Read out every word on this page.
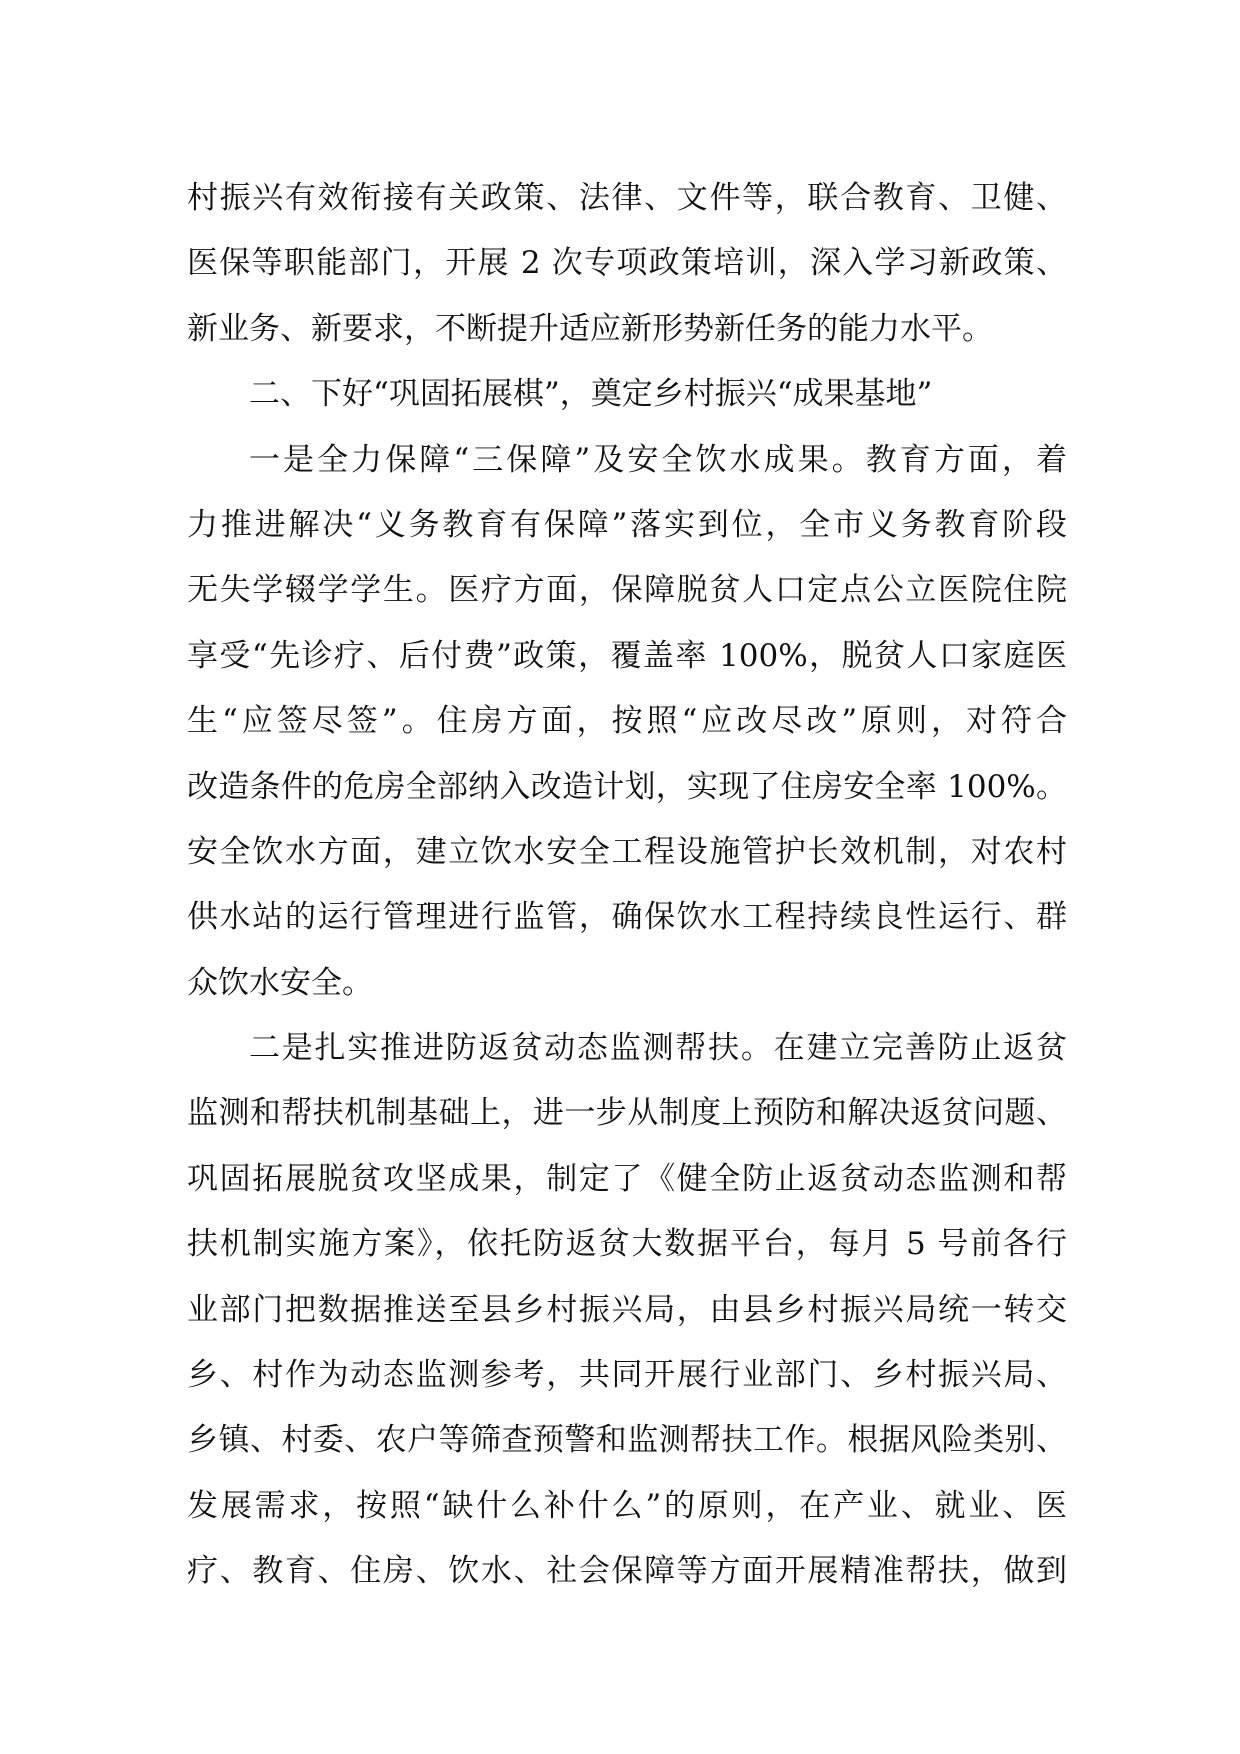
村振兴有效衔接有关政策、法律、文件等，联合教育、卫健、
医保等职能部门，开展 2 次专项政策培训，深入学习新政策、
新业务、新要求，不断提升适应新形势新任务的能力水平。
二、下好“巩固拓展棋”，奠定乡村振兴“成果基地”
一是全力保障“三保障”及安全饮水成果。教育方面，着
力推进解决“义务教育有保障”落实到位，全市义务教育阶段
无失学辍学学生。医疗方面，保障脱贫人口定点公立医院住院
享受“先诊疗、后付费”政策，覆盖率 100%，脱贫人口家庭医
生“应签尽签”。住房方面，按照“应改尽改”原则，对符合
改造条件的危房全部纳入改造计划，实现了住房安全率 100%。
安全饮水方面，建立饮水安全工程设施管护长效机制，对农村
供水站的运行管理进行监管，确保饮水工程持续良性运行、群
众饮水安全。
二是扎实推进防返贫动态监测帮扶。在建立完善防止返贫
监测和帮扶机制基础上，进一步从制度上预防和解决返贫问题、
巩固拓展脱贫攻坚成果，制定了《健全防止返贫动态监测和帮
扶机制实施方案》，依托防返贫大数据平台，每月 5 号前各行
业部门把数据推送至县乡村振兴局，由县乡村振兴局统一转交
乡、村作为动态监测参考，共同开展行业部门、乡村振兴局、
乡镇、村委、农户等筛查预警和监测帮扶工作。根据风险类别、
发展需求，按照“缺什么补什么”的原则，在产业、就业、医
疗、教育、住房、饮水、社会保障等方面开展精准帮扶，做到
